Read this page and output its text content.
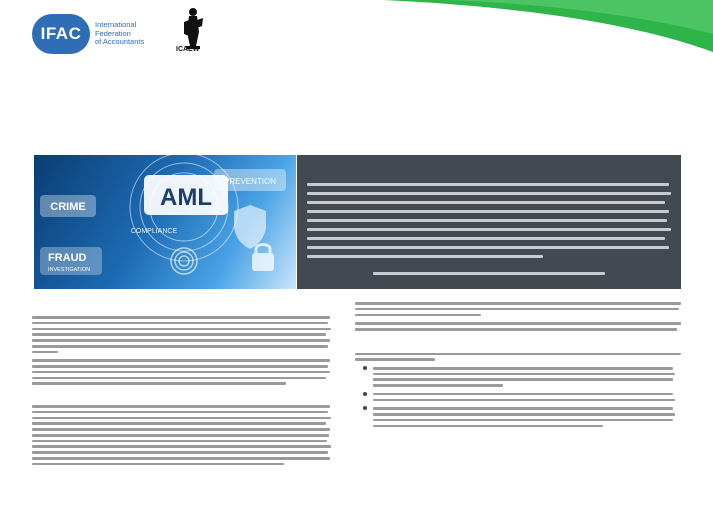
IFAC	International
Federation
of Accountants
ICAEW
AML
PREVENTION
CRIME
COMPLIANCE
FRAUD
INVESTIGATION
